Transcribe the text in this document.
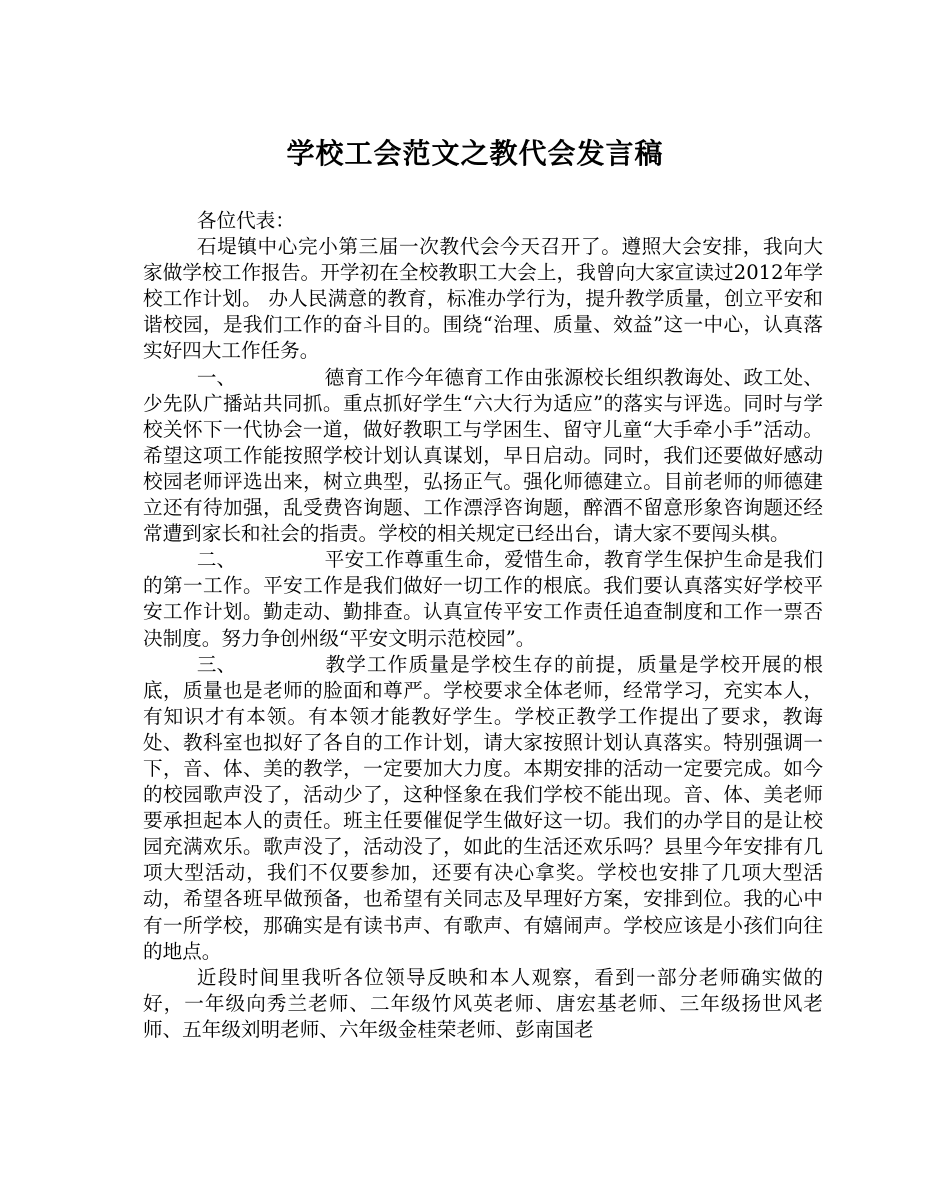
学校工会范文之教代会发言稿

各位代表：

石堤镇中心完小第三届一次教代会今天召开了。遵照大会安排，我向大家做学校工作报告。开学初在全校教职工大会上，我曾向大家宣读过2012年学校工作计划。 办人民满意的教育，标准办学行为，提升教学质量，创立平安和谐校园，是我们工作的奋斗目的。围绕“治理、质量、效益”这一中心，认真落实好四大工作任务。

一、	德育工作今年德育工作由张源校长组织教诲处、政工处、少先队广播站共同抓。重点抓好学生“六大行为适应”的落实与评选。同时与学校关怀下一代协会一道，做好教职工与学困生、留守儿童“大手牵小手”活动。希望这项工作能按照学校计划认真谋划，早日启动。同时，我们还要做好感动校园老师评选出来，树立典型，弘扬正气。强化师德建立。目前老师的师德建立还有待加强，乱受费咨询题、工作漂浮咨询题，醉酒不留意形象咨询题还经常遭到家长和社会的指责。学校的相关规定已经出台，请大家不要闯头棋。

二、	平安工作尊重生命，爱惜生命，教育学生保护生命是我们的第一工作。平安工作是我们做好一切工作的根底。我们要认真落实好学校平安工作计划。勤走动、勤排查。认真宣传平安工作责任追查制度和工作一票否决制度。努力争创州级“平安文明示范校园”。

三、	教学工作质量是学校生存的前提，质量是学校开展的根底，质量也是老师的脸面和尊严。学校要求全体老师，经常学习，充实本人，有知识才有本领。有本领才能教好学生。学校正教学工作提出了要求，教诲处、教科室也拟好了各自的工作计划，请大家按照计划认真落实。特别强调一下，音、体、美的教学，一定要加大力度。本期安排的活动一定要完成。如今的校园歌声没了，活动少了，这种怪象在我们学校不能出现。音、体、美老师要承担起本人的责任。班主任要催促学生做好这一切。我们的办学目的是让校园充满欢乐。歌声没了，活动没了，如此的生活还欢乐吗？县里今年安排有几项大型活动，我们不仅要参加，还要有决心拿奖。学校也安排了几项大型活动，希望各班早做预备，也希望有关同志及早理好方案，安排到位。我的心中有一所学校，那确实是有读书声、有歌声、有嬉闹声。学校应该是小孩们向往的地点。

近段时间里我听各位领导反映和本人观察，看到一部分老师确实做的好，一年级向秀兰老师、二年级竹风英老师、唐宏基老师、三年级扬世风老师、五年级刘明老师、六年级金桂荣老师、彭南国老
